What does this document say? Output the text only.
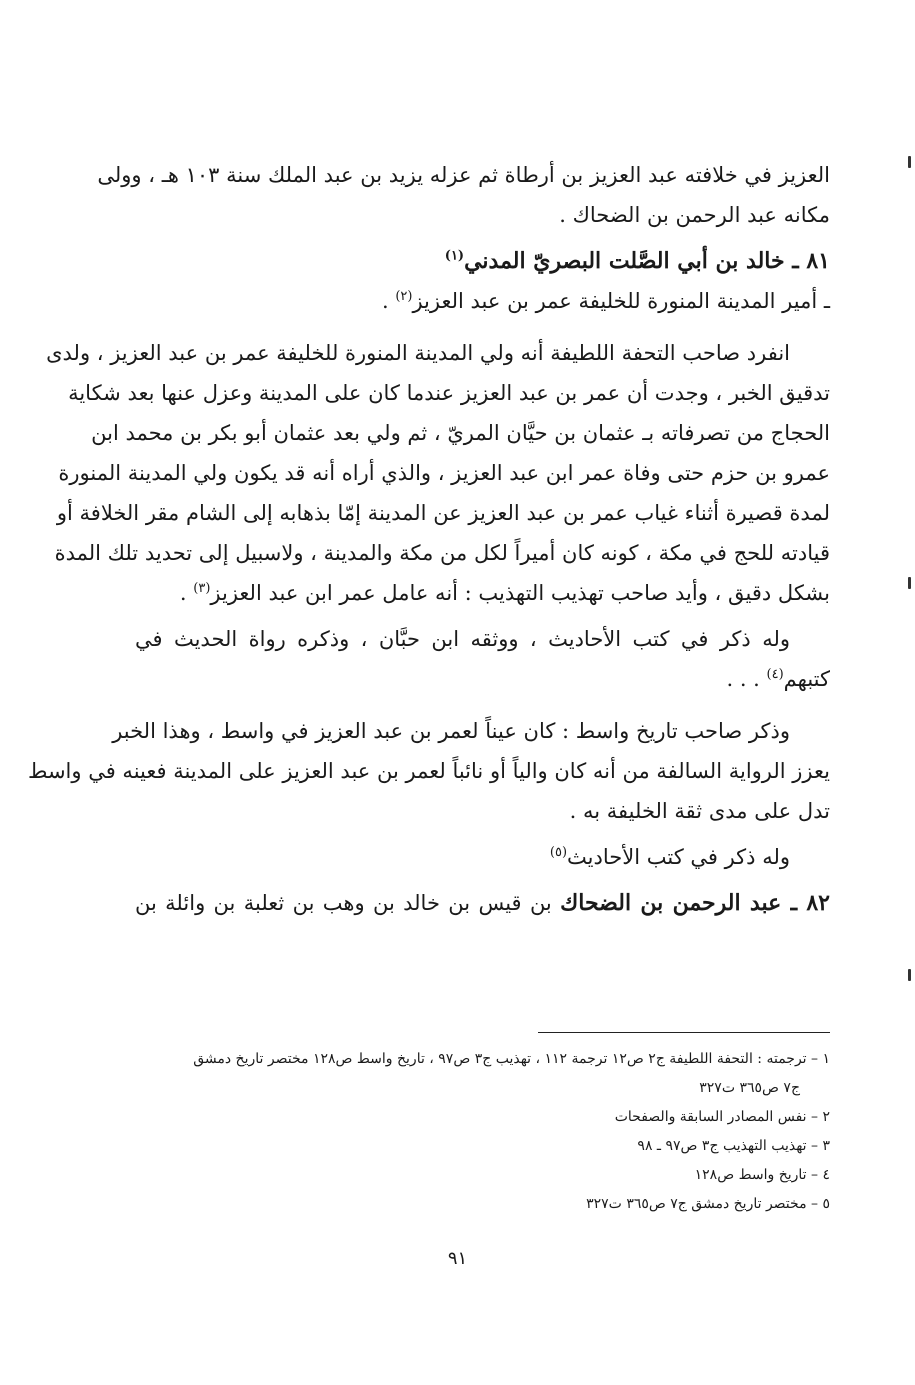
العزيز في خلافته عبد العزيز بن أرطاة ثم عزله يزيد بن عبد الملك سنة ١٠٣ هـ ، وولى
مكانه عبد الرحمن بن الضحاك .
٨١ ـ خالد بن أبي الصَّلت البصريّ المدني$^{(١)}$
ـ أمير المدينة المنورة للخليفة عمر بن عبد العزيز$^{(٢)}$ .
انفرد صاحب التحفة اللطيفة أنه ولي المدينة المنورة للخليفة عمر بن عبد العزيز ، ولدى
تدقيق الخبر ، وجدت أن عمر بن عبد العزيز عندما كان على المدينة وعزل عنها بعد شكاية
الحجاج من تصرفاته بـ عثمان بن حيَّان المريّ ، ثم ولي بعد عثمان أبو بكر بن محمد ابن
عمرو بن حزم حتى وفاة عمر ابن عبد العزيز ، والذي أراه أنه قد يكون ولي المدينة المنورة
لمدة قصيرة أثناء غياب عمر بن عبد العزيز عن المدينة إمّا بذهابه إلى الشام مقر الخلافة أو
قيادته للحج في مكة ، كونه كان أميراً لكل من مكة والمدينة ، ولاسبيل إلى تحديد تلك المدة
بشكل دقيق ، وأيد صاحب تهذيب التهذيب : أنه عامل عمر ابن عبد العزيز$^{(٣)}$ .
وله ذكر في كتب الأحاديث ، ووثقه ابن حبَّان ، وذكره رواة الحديث في
كتبهم$^{(٤)}$ . . .
وذكر صاحب تاريخ واسط : كان عيناً لعمر بن عبد العزيز في واسط ، وهذا الخبر
يعزز الرواية السالفة من أنه كان والياً أو نائباً لعمر بن عبد العزيز على المدينة فعينه في واسط
تدل على مدى ثقة الخليفة به .
وله ذكر في كتب الأحاديث$^{(٥)}$
٨٢ ـ عبد الرحمن بن الضحاك بن قيس بن خالد بن وهب بن ثعلبة بن وائلة بن
١ – ترجمته : التحفة اللطيفة ج٢ ص١٢ ترجمة ١١٢ ، تهذيب ج٣ ص٩٧ ، تاريخ واسط ص١٢٨ مختصر تاريخ دمشق
ج٧ ص٣٦٥ ت٣٢٧
٢ – نفس المصادر السابقة والصفحات
٣ – تهذيب التهذيب ج٣ ص٩٧ ـ ٩٨
٤ – تاريخ واسط ص١٢٨
٥ – مختصر تاريخ دمشق ج٧ ص٣٦٥ ت٣٢٧
٩١
